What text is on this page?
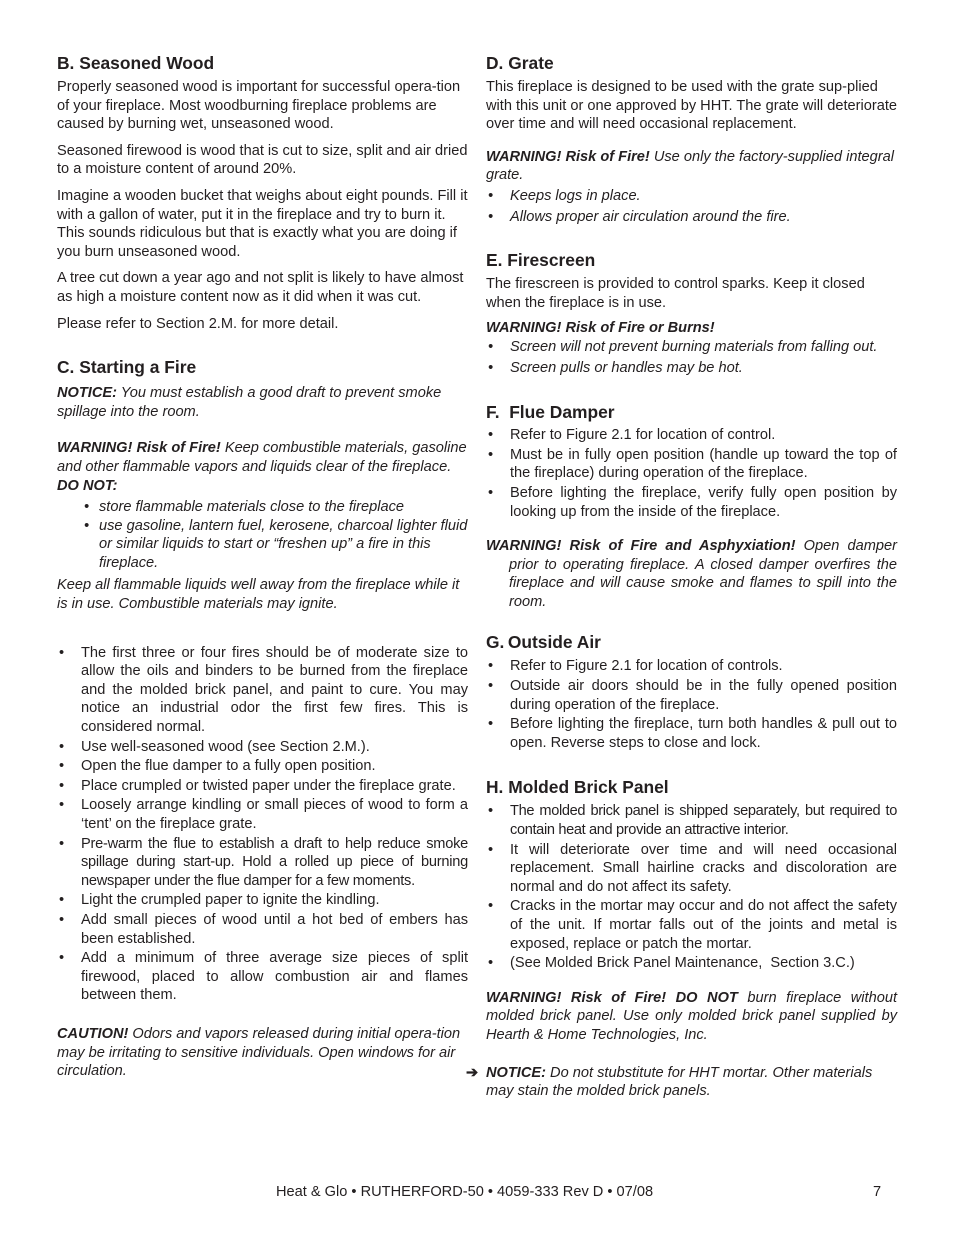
B. Seasoned Wood

Properly seasoned wood is important for successful opera-tion of your fireplace. Most woodburning fireplace problems are caused by burning wet, unseasoned wood.

Seasoned firewood is wood that is cut to size, split and air dried to a moisture content of around 20%.

Imagine a wooden bucket that weighs about eight pounds. Fill it with a gallon of water, put it in the fireplace and try to burn it. This sounds ridiculous but that is exactly what you are doing if you burn unseasoned wood.

A tree cut down a year ago and not split is likely to have almost as high a moisture content now as it did when it was cut.

Please refer to Section 2.M. for more detail.

C. Starting a Fire

NOTICE: You must establish a good draft to prevent smoke spillage into the room.

WARNING! Risk of Fire! Keep combustible materials, gasoline and other flammable vapors and liquids clear of the fireplace.

DO NOT:

• store flammable materials close to the fireplace
• use gasoline, lantern fuel, kerosene, charcoal lighter fluid or similar liquids to start or “freshen up” a fire in this fireplace.

Keep all flammable liquids well away from the fireplace while it is in use. Combustible materials may ignite.

• The first three or four fires should be of moderate size to allow the oils and binders to be burned from the fireplace and the molded brick panel, and paint to cure. You may notice an industrial odor the first few fires. This is considered normal.
• Use well-seasoned wood (see Section 2.M.).
• Open the flue damper to a fully open position.
• Place crumpled or twisted paper under the fireplace grate.
• Loosely arrange kindling or small pieces of wood to form a ‘tent’ on the fireplace grate.
• Pre-warm the flue to establish a draft to help reduce smoke spillage during start-up. Hold a rolled up piece of burning newspaper under the flue damper for a few moments.
• Light the crumpled paper to ignite the kindling.
• Add small pieces of wood until a hot bed of embers has been established.
• Add a minimum of three average size pieces of split firewood, placed to allow combustion air and flames between them.

CAUTION! Odors and vapors released during initial opera-tion may be irritating to sensitive individuals. Open windows for air circulation.

D. Grate

This fireplace is designed to be used with the grate sup-plied with this unit or one approved by HHT. The grate will deteriorate over time and will need occasional replacement.

WARNING! Risk of Fire! Use only the factory-supplied integral grate.

• Keeps logs in place.
• Allows proper air circulation around the fire.
E. Firescreen

The firescreen is provided to control sparks. Keep it closed when the fireplace is in use.

WARNING! Risk of Fire or Burns!

• Screen will not prevent burning materials from falling out.
• Screen pulls or handles may be hot.
F.  Flue Damper
• Refer to Figure 2.1 for location of control.
• Must be in fully open position (handle up toward the top of the fireplace) during operation of the fireplace.
• Before lighting the fireplace, verify fully open position by looking up from the inside of the fireplace.

WARNING! Risk of Fire and Asphyxiation! Open damper prior to operating fireplace. A closed damper overfires the fireplace and will cause smoke and flames to spill into the room.

G. Outside Air
• Refer to Figure 2.1 for location of controls.
• Outside air doors should be in the fully opened position during operation of the fireplace.
• Before lighting the fireplace, turn both handles & pull out to open. Reverse steps to close and lock.
H. Molded Brick Panel
• The molded brick panel is shipped separately, but required to contain heat and provide an attractive interior.
• It will deteriorate over time and will need occasional replacement. Small hairline cracks and discoloration are normal and do not affect its safety.
• Cracks in the mortar may occur and do not affect the safety of the unit. If mortar falls out of the joints and metal is exposed, replace or patch the mortar.
• (See Molded Brick Panel Maintenance,  Section 3.C.)

WARNING! Risk of Fire! DO NOT burn fireplace without molded brick panel. Use only molded brick panel supplied by Hearth & Home Technologies, Inc.

➔ NOTICE: Do not stubstitute for HHT mortar. Other materials may stain the molded brick panels.

Heat & Glo • RUTHERFORD-50 • 4059-333 Rev D • 07/08	7
